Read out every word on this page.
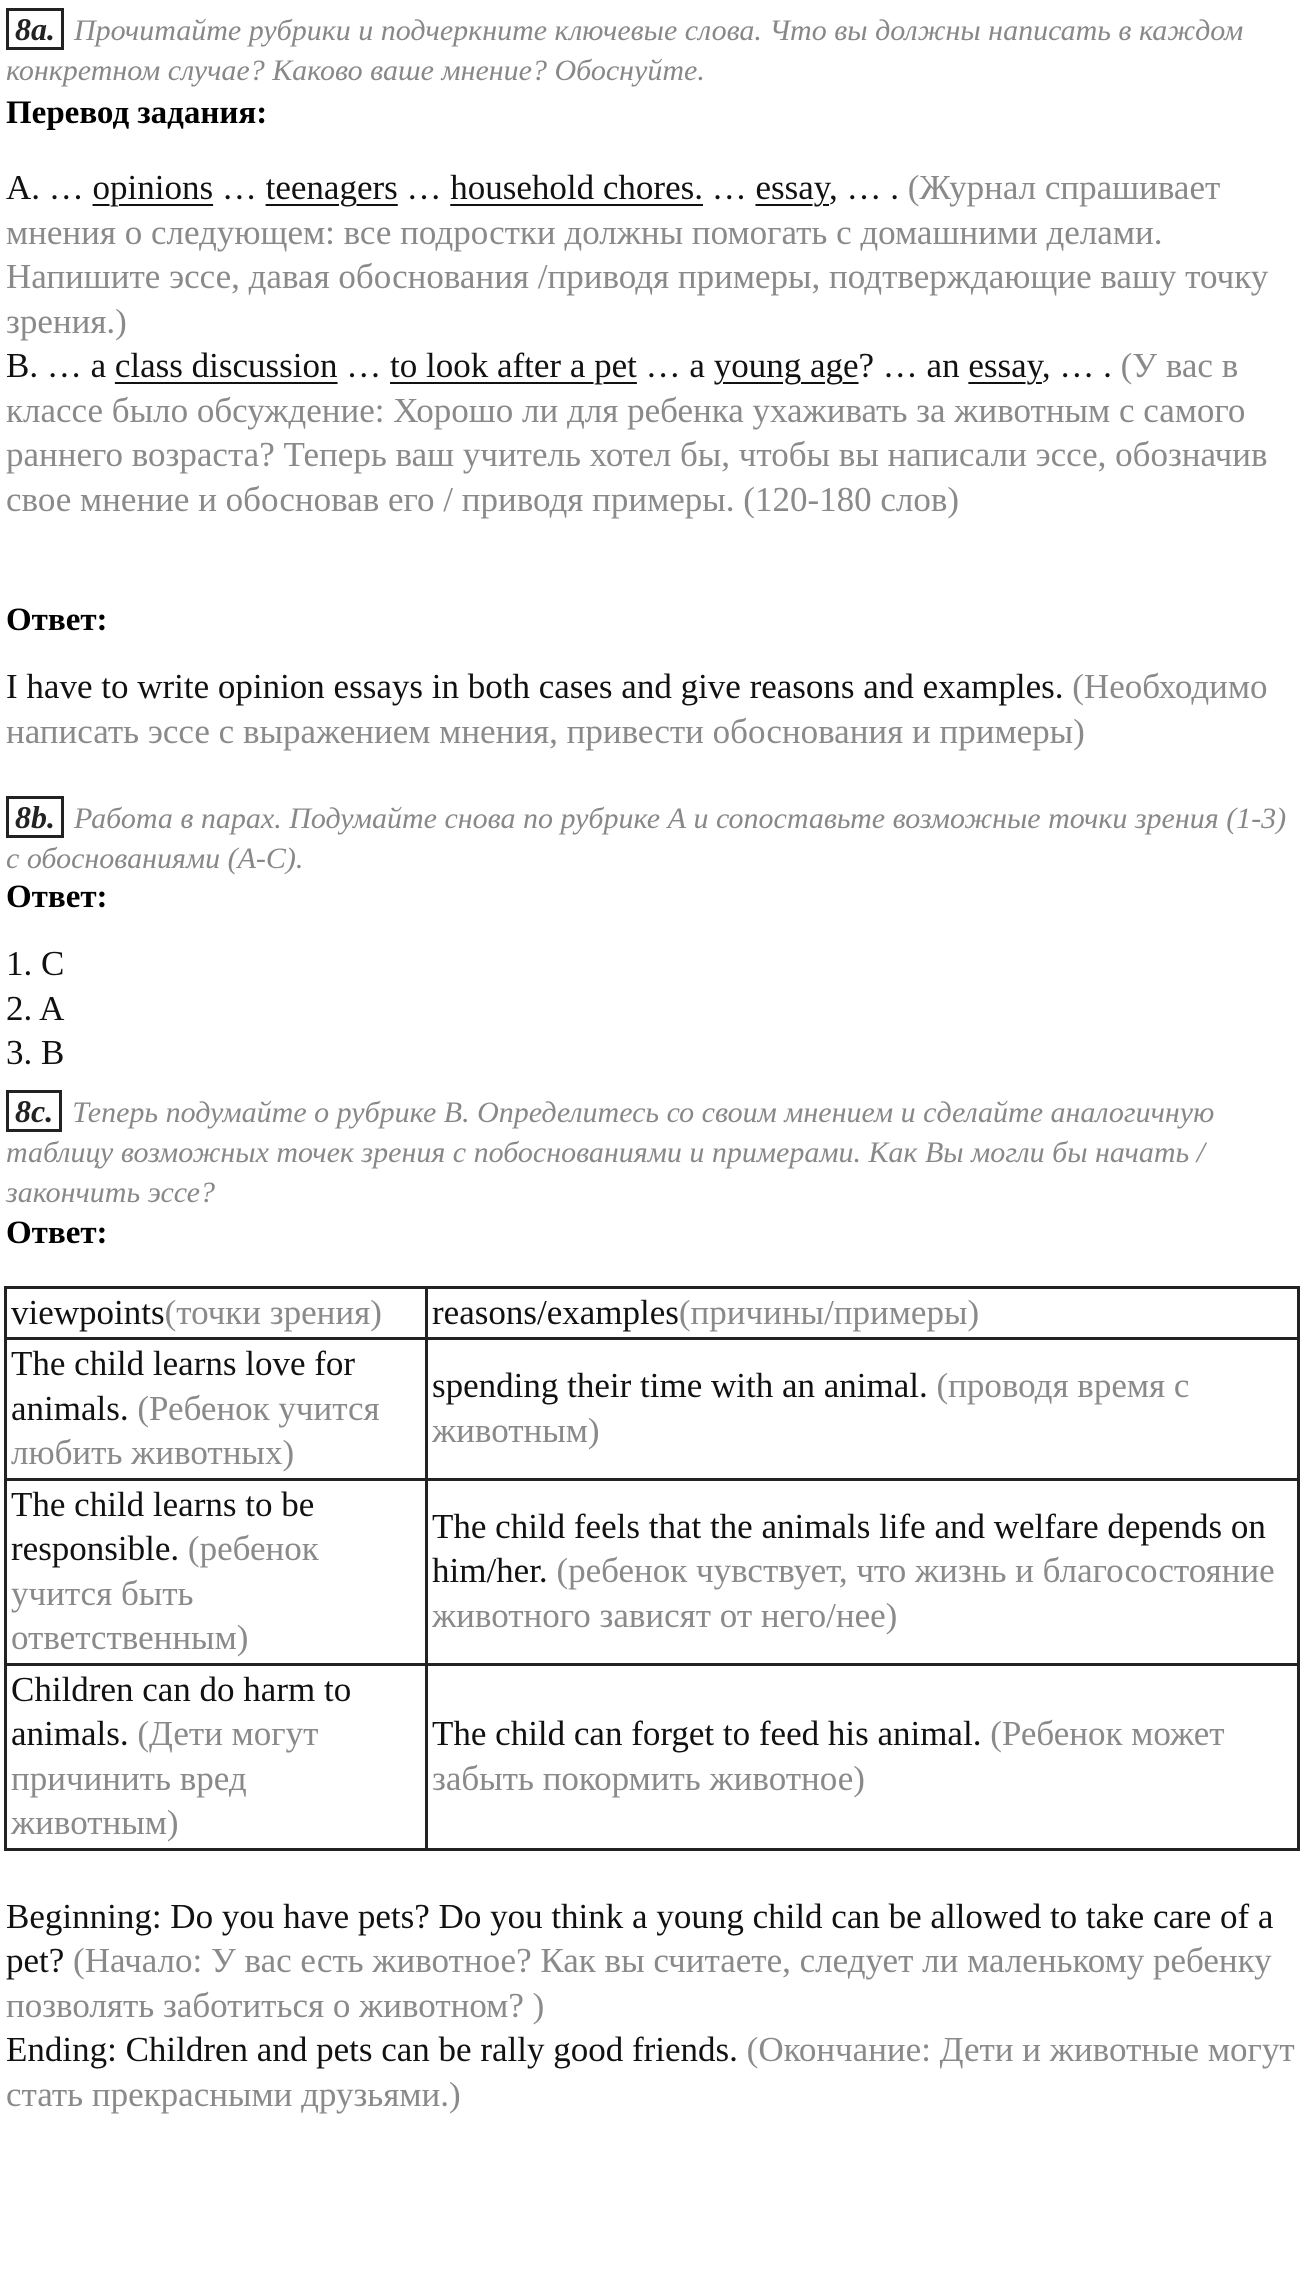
8a. Прочитайте рубрики и подчеркните ключевые слова. Что вы должны написать в каждом конкретном случае? Каково ваше мнение? Обоснуйте.
Перевод задания:
A. … opinions … teenagers … household chores. … essay, … . (Журнал спрашивает мнения о следующем: все подростки должны помогать с домашними делами. Напишите эссе, давая обоснования /приводя примеры, подтверждающие вашу точку зрения.)
B. … a class discussion … to look after a pet … a young age? … an essay, … . (У вас в классе было обсуждение: Хорошо ли для ребенка ухаживать за животным с самого раннего возраста? Теперь ваш учитель хотел бы, чтобы вы написали эссе, обозначив свое мнение и обосновав его / приводя примеры. (120-180 слов)
Ответ:
I have to write opinion essays in both cases and give reasons and examples. (Необходимо написать эссе с выражением мнения, привести обоснования и примеры)
8b. Работа в парах. Подумайте снова по рубрике А и сопоставьте возможные точки зрения (1-3) с обоснованиями (А-С).
Ответ:
1. C
2. A
3. B
8c. Теперь подумайте о рубрике В. Определитесь со своим мнением и сделайте аналогичную таблицу возможных точек зрения с побоснованиями и примерами. Как Вы могли бы начать / закончить эссе?
Ответ:
viewpoints(точки зрения)	reasons/examples(причины/примеры)
The child learns love for animals. (Ребенок учится любить животных)	spending their time with an animal. (проводя время с животным)
The child learns to be responsible. (ребенок учится быть ответственным)	The child feels that the animals life and welfare depends on him/her. (ребенок чувствует, что жизнь и благосостояние животного зависят от него/нее)
Children can do harm to animals. (Дети могут причинить вред животным)	The child can forget to feed his animal. (Ребенок может забыть покормить животное)
Beginning: Do you have pets? Do you think a young child can be allowed to take care of a pet? (Начало: У вас есть животное? Как вы считаете, следует ли маленькому ребенку позволять заботиться о животном? )
Ending: Children and pets can be rally good friends. (Окончание: Дети и животные могут стать прекрасными друзьями.)
